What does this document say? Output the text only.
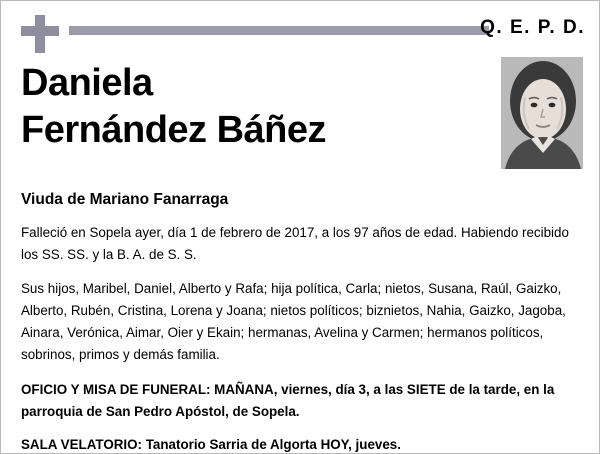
Q. E. P. D.
Daniela
Fernández Báñez
Viuda de Mariano Fanarraga
Falleció en Sopela ayer, día 1 de febrero de 2017, a los 97 años de edad. Habiendo recibido los SS. SS. y la B. A. de S. S.
Sus hijos, Maribel, Daniel, Alberto y Rafa; hija política, Carla; nietos, Susana, Raúl, Gaizko, Alberto, Rubén, Cristina, Lorena y Joana; nietos políticos; biznietos, Nahia, Gaizko, Jagoba, Ainara, Verónica, Aimar, Oier y Ekain; hermanas, Avelina y Carmen; hermanos políticos, sobrinos, primos y demás familia.
OFICIO Y MISA DE FUNERAL: MAÑANA, viernes, día 3, a las SIETE de la tarde, en la parroquia de San Pedro Apóstol, de Sopela.
SALA VELATORIO: Tanatorio Sarria de Algorta HOY, jueves.
